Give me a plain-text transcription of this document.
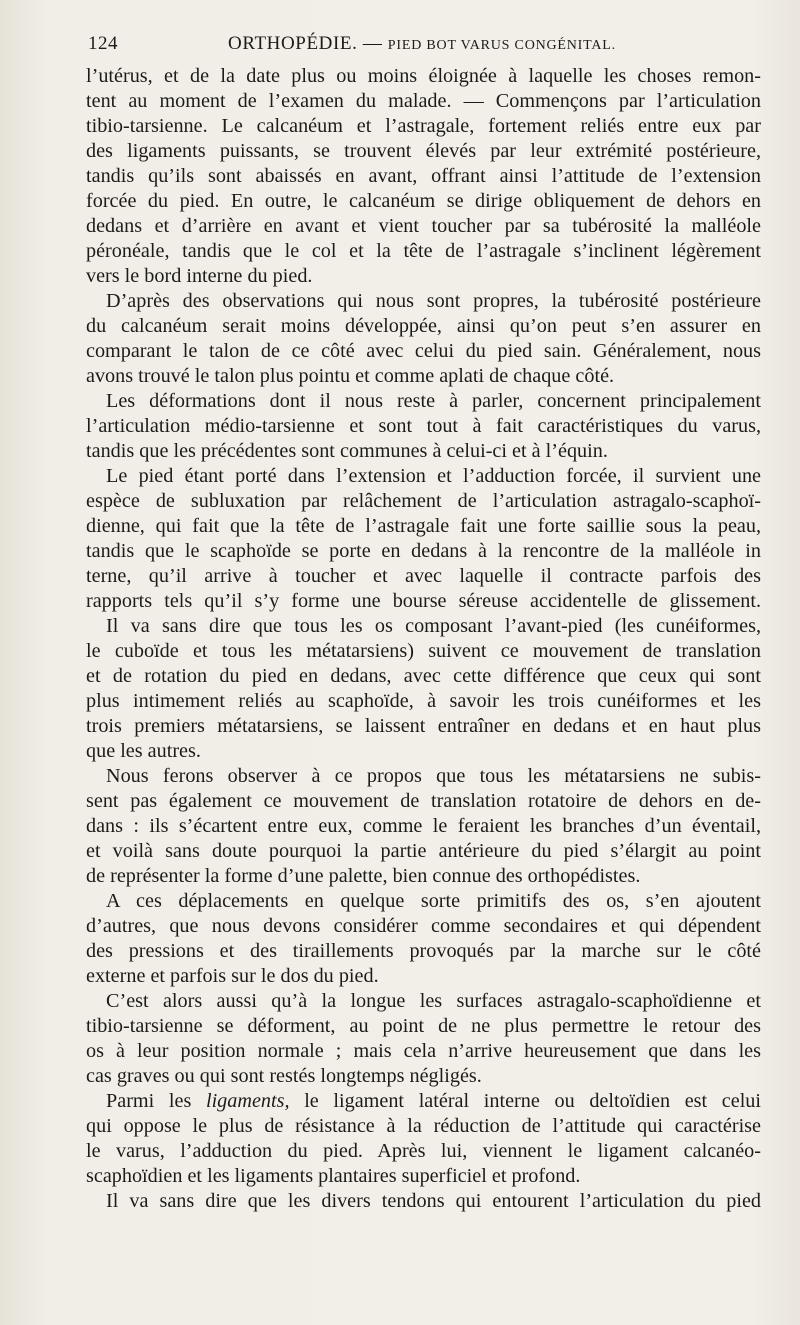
124	ORTHOPÉDIE. — PIED BOT VARUS CONGÉNITAL.
l’utérus, et de la date plus ou moins éloignée à laquelle les choses remon-
tent au moment de l’examen du malade. — Commençons par l’articulation
tibio-tarsienne. Le calcanéum et l’astragale, fortement reliés entre eux par
des ligaments puissants, se trouvent élevés par leur extrémité postérieure,
tandis qu’ils sont abaissés en avant, offrant ainsi l’attitude de l’extension
forcée du pied. En outre, le calcanéum se dirige obliquement de dehors en
dedans et d’arrière en avant et vient toucher par sa tubérosité la malléole
péronéale, tandis que le col et la tête de l’astragale s’inclinent légèrement
vers le bord interne du pied.
D’après des observations qui nous sont propres, la tubérosité postérieure
du calcanéum serait moins développée, ainsi qu’on peut s’en assurer en
comparant le talon de ce côté avec celui du pied sain. Généralement, nous
avons trouvé le talon plus pointu et comme aplati de chaque côté.
Les déformations dont il nous reste à parler, concernent principalement
l’articulation médio-tarsienne et sont tout à fait caractéristiques du varus,
tandis que les précédentes sont communes à celui-ci et à l’équin.
Le pied étant porté dans l’extension et l’adduction forcée, il survient une
espèce de subluxation par relâchement de l’articulation astragalo-scaphoï-
dienne, qui fait que la tête de l’astragale fait une forte saillie sous la peau,
tandis que le scaphoïde se porte en dedans à la rencontre de la malléole in
terne, qu’il arrive à toucher et avec laquelle il contracte parfois des
rapports tels qu’il s’y forme une bourse séreuse accidentelle de glissement.
Il va sans dire que tous les os composant l’avant-pied (les cunéiformes,
le cuboïde et tous les métatarsiens) suivent ce mouvement de translation
et de rotation du pied en dedans, avec cette différence que ceux qui sont
plus intimement reliés au scaphoïde, à savoir les trois cunéiformes et les
trois premiers métatarsiens, se laissent entraîner en dedans et en haut plus
que les autres.
Nous ferons observer à ce propos que tous les métatarsiens ne subis-
sent pas également ce mouvement de translation rotatoire de dehors en de-
dans : ils s’écartent entre eux, comme le feraient les branches d’un éventail,
et voilà sans doute pourquoi la partie antérieure du pied s’élargit au point
de représenter la forme d’une palette, bien connue des orthopédistes.
A ces déplacements en quelque sorte primitifs des os, s’en ajoutent
d’autres, que nous devons considérer comme secondaires et qui dépendent
des pressions et des tiraillements provoqués par la marche sur le côté
externe et parfois sur le dos du pied.
C’est alors aussi qu’à la longue les surfaces astragalo-scaphoïdienne et
tibio-tarsienne se déforment, au point de ne plus permettre le retour des
os à leur position normale ; mais cela n’arrive heureusement que dans les
cas graves ou qui sont restés longtemps négligés.
Parmi les ligaments, le ligament latéral interne ou deltoïdien est celui
qui oppose le plus de résistance à la réduction de l’attitude qui caractérise
le varus, l’adduction du pied. Après lui, viennent le ligament calcanéo-
scaphoïdien et les ligaments plantaires superficiel et profond.
Il va sans dire que les divers tendons qui entourent l’articulation du pied
